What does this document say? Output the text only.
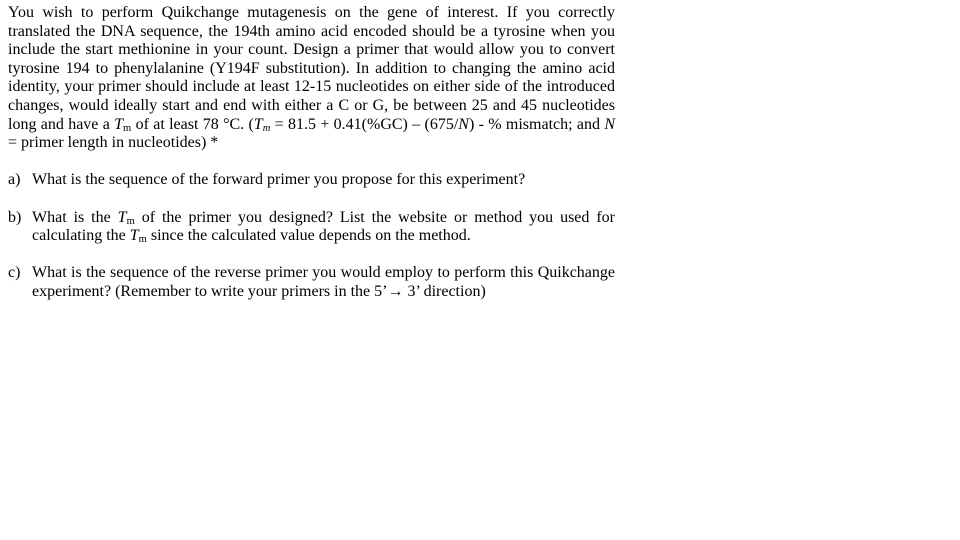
You wish to perform Quikchange mutagenesis on the gene of interest. If you correctly
translated the DNA sequence, the 194th amino acid encoded should be a tyrosine when you
include the start methionine in your count. Design a primer that would allow you to convert
tyrosine 194 to phenylalanine (Y194F substitution). In addition to changing the amino acid
identity, your primer should include at least 12-15 nucleotides on either side of the introduced
changes, would ideally start and end with either a C or G, be between 25 and 45 nucleotides
long and have a Tm of at least 78 °C. (Tm = 81.5 + 0.41(%GC) – (675/N) - % mismatch; and N
= primer length in nucleotides) *
a) What is the sequence of the forward primer you propose for this experiment?
b) What is the Tm of the primer you designed? List the website or method you used for
calculating the Tm since the calculated value depends on the method.
c) What is the sequence of the reverse primer you would employ to perform this Quikchange
experiment? (Remember to write your primers in the 5’→ 3’ direction)
